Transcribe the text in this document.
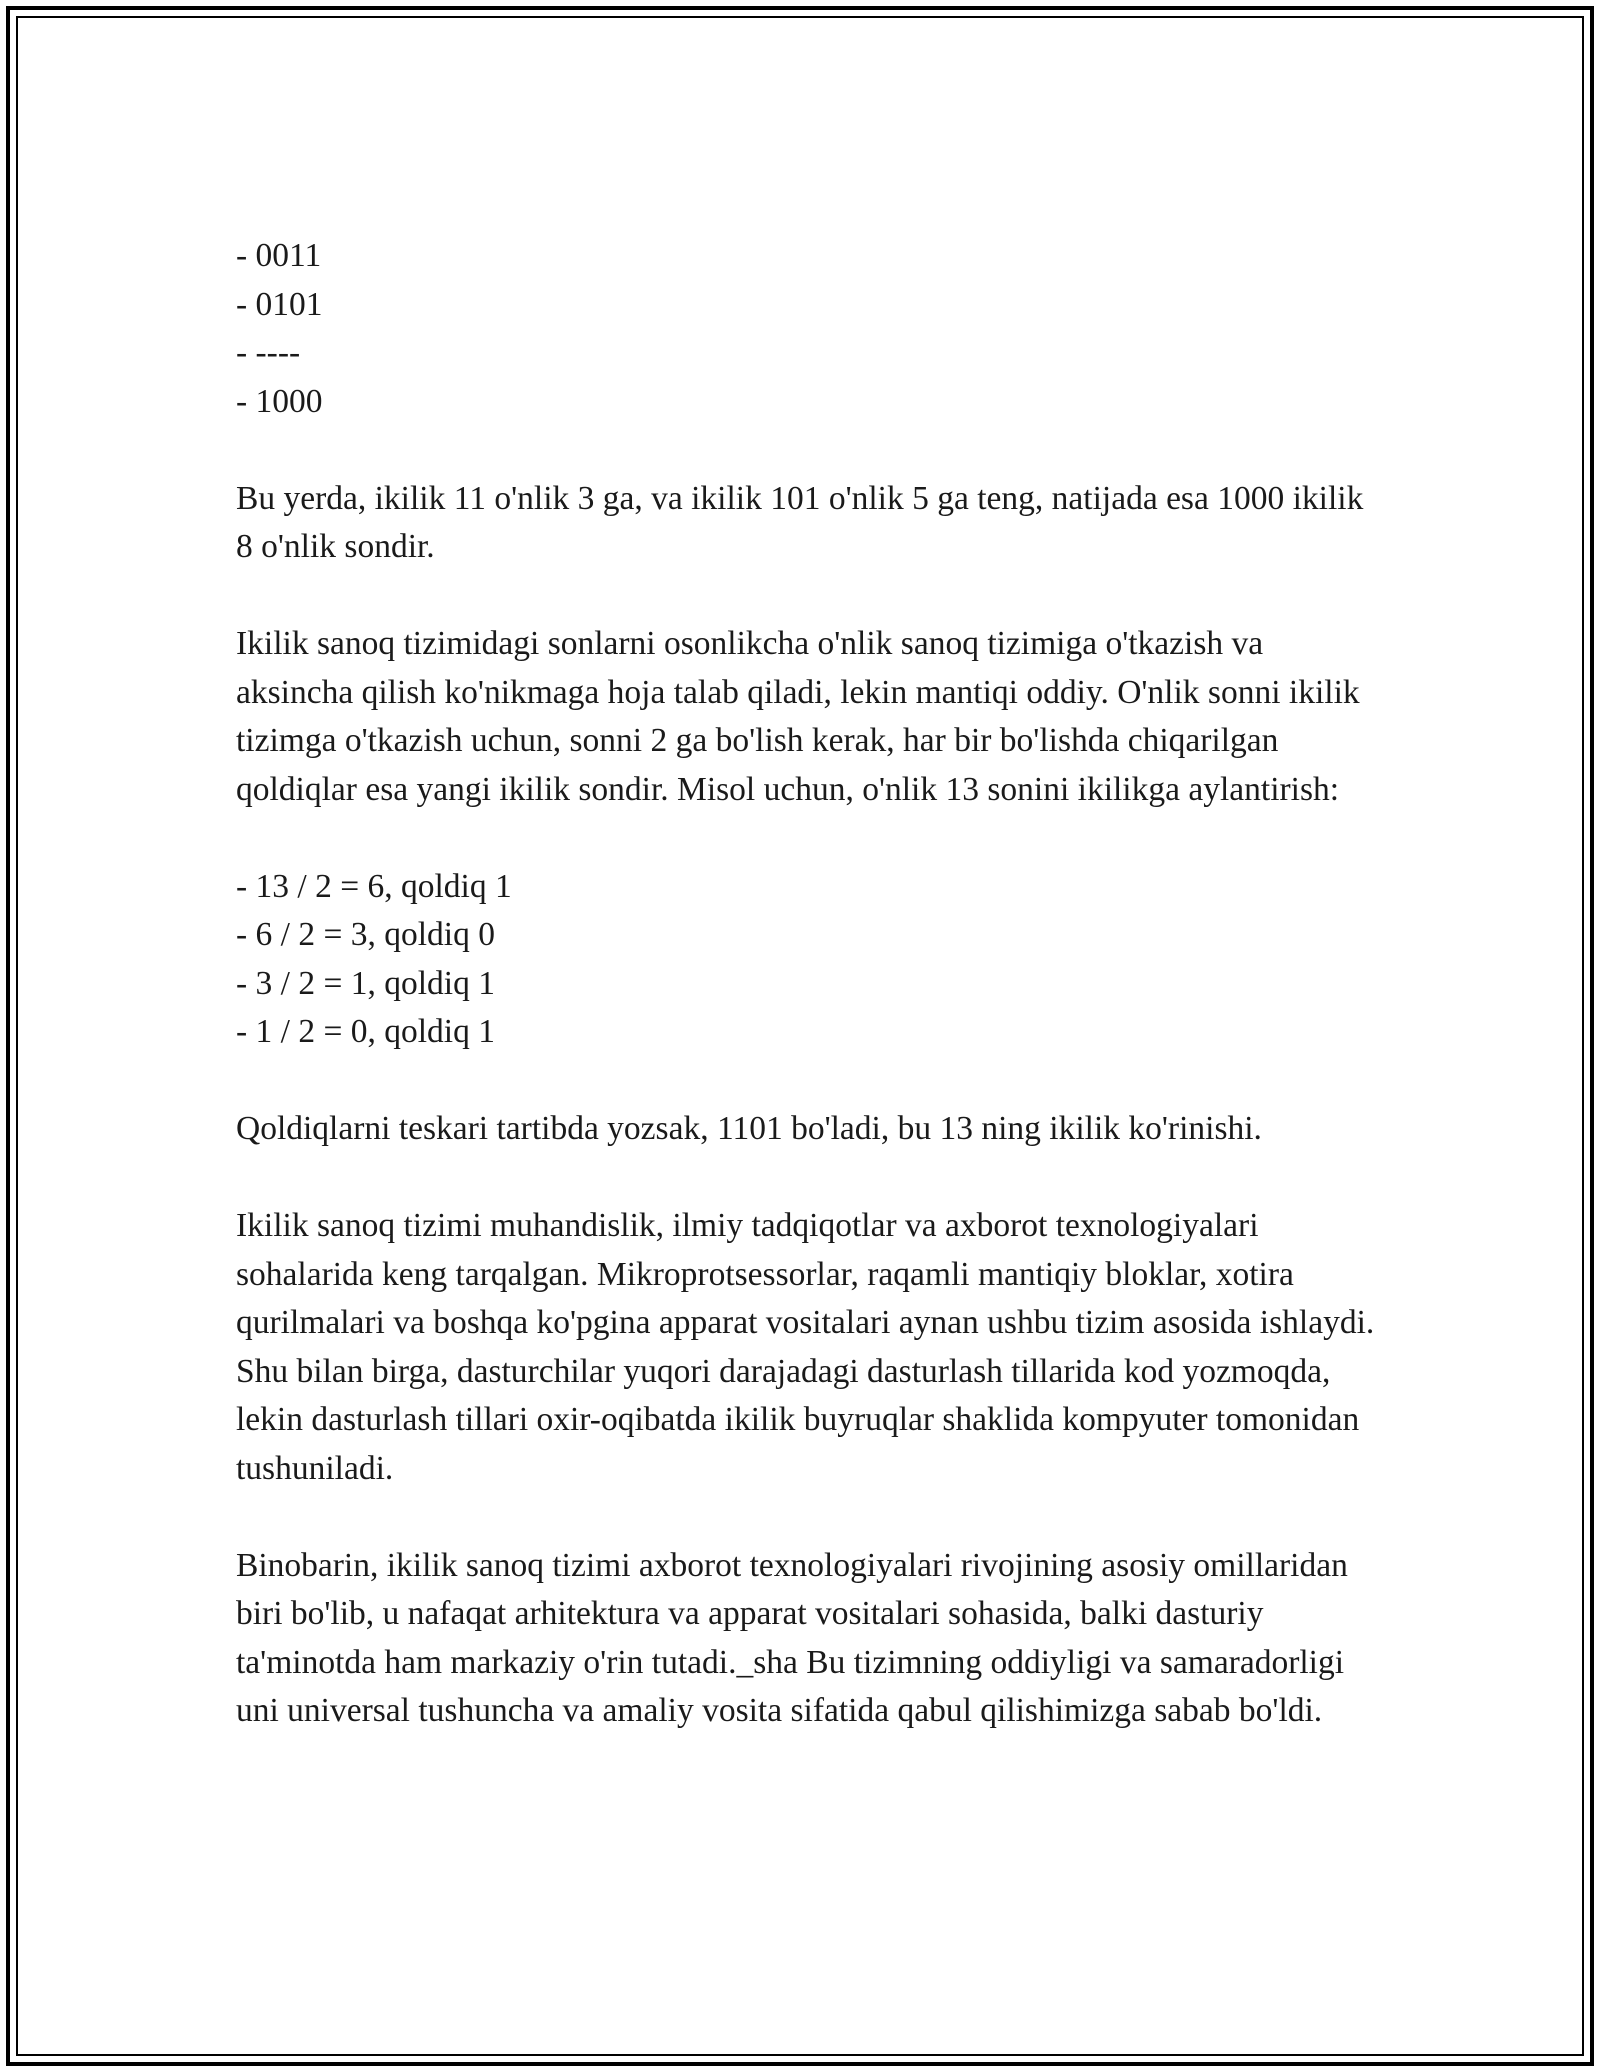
- 0011
- 0101
- ----
- 1000

Bu yerda, ikilik 11 o'nlik 3 ga, va ikilik 101 o'nlik 5 ga teng, natijada esa 1000 ikilik 8 o'nlik sondir.

Ikilik sanoq tizimidagi sonlarni osonlikcha o'nlik sanoq tizimiga o'tkazish va aksincha qilish ko'nikmaga hoja talab qiladi, lekin mantiqi oddiy. O'nlik sonni ikilik tizimga o'tkazish uchun, sonni 2 ga bo'lish kerak, har bir bo'lishda chiqarilgan qoldiqlar esa yangi ikilik sondir. Misol uchun, o'nlik 13 sonini ikilikga aylantirish:

- 13 / 2 = 6, qoldiq 1
- 6 / 2 = 3, qoldiq 0
- 3 / 2 = 1, qoldiq 1
- 1 / 2 = 0, qoldiq 1

Qoldiqlarni teskari tartibda yozsak, 1101 bo'ladi, bu 13 ning ikilik ko'rinishi.

Ikilik sanoq tizimi muhandislik, ilmiy tadqiqotlar va axborot texnologiyalari sohalarida keng tarqalgan. Mikroprotsessorlar, raqamli mantiqiy bloklar, xotira qurilmalari va boshqa ko'pgina apparat vositalari aynan ushbu tizim asosida ishlaydi. Shu bilan birga, dasturchilar yuqori darajadagi dasturlash tillarida kod yozmoqda, lekin dasturlash tillari oxir-oqibatda ikilik buyruqlar shaklida kompyuter tomonidan tushuniladi.

Binobarin, ikilik sanoq tizimi axborot texnologiyalari rivojining asosiy omillaridan biri bo'lib, u nafaqat arhitektura va apparat vositalari sohasida, balki dasturiy ta'minotda ham markaziy o'rin tutadi._sha Bu tizimning oddiyligi va samaradorligi uni universal tushuncha va amaliy vosita sifatida qabul qilishimizga sabab bo'ldi.
